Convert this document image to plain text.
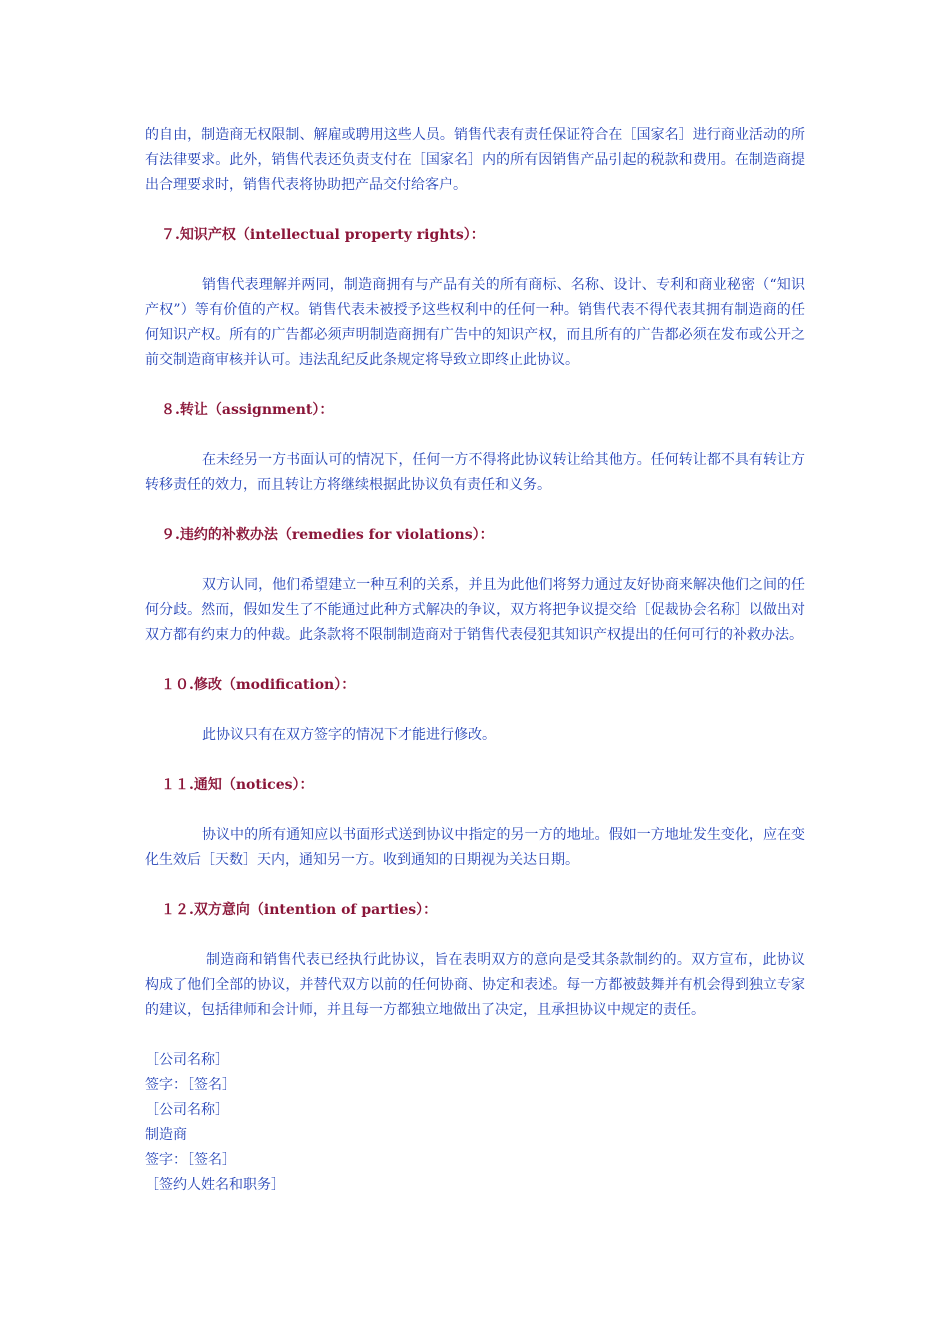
的自由，制造商无权限制、解雇或聘用这些人员。销售代表有责任保证符合在［国家名］进行商业活动的所有法律要求。此外，销售代表还负责支付在［国家名］内的所有因销售产品引起的税款和费用。在制造商提出合理要求时，销售代表将协助把产品交付给客户。

７.知识产权（intellectual property rights）：

销售代表理解并两同，制造商拥有与产品有关的所有商标、名称、设计、专利和商业秘密（“知识产权”）等有价值的产权。销售代表未被授予这些权利中的任何一种。销售代表不得代表其拥有制造商的任何知识产权。所有的广告都必须声明制造商拥有广告中的知识产权，而且所有的广告都必须在发布或公开之前交制造商审核并认可。违法乱纪反此条规定将导致立即终止此协议。

８.转让（assignment）：

在未经另一方书面认可的情况下，任何一方不得将此协议转让给其他方。任何转让都不具有转让方转移责任的效力，而且转让方将继续根据此协议负有责任和义务。

９.违约的补救办法（remedies for violations）：

双方认同，他们希望建立一种互利的关系，并且为此他们将努力通过友好协商来解决他们之间的任何分歧。然而，假如发生了不能通过此种方式解决的争议，双方将把争议提交给［促裁协会名称］以做出对双方都有约束力的仲裁。此条款将不限制制造商对于销售代表侵犯其知识产权提出的任何可行的补救办法。

１０.修改（modification）：

此协议只有在双方签字的情况下才能进行修改。

１１.通知（notices）：

协议中的所有通知应以书面形式送到协议中指定的另一方的地址。假如一方地址发生变化，应在变化生效后［天数］天内，通知另一方。收到通知的日期视为关达日期。

１２.双方意向（intention of parties）：

制造商和销售代表已经执行此协议，旨在表明双方的意向是受其条款制约的。双方宣布，此协议构成了他们全部的协议，并替代双方以前的任何协商、协定和表述。每一方都被鼓舞并有机会得到独立专家的建议，包括律师和会计师，并且每一方都独立地做出了决定，且承担协议中规定的责任。

［公司名称］

签字：［签名］

［公司名称］

制造商

签字：［签名］

［签约人姓名和职务］
